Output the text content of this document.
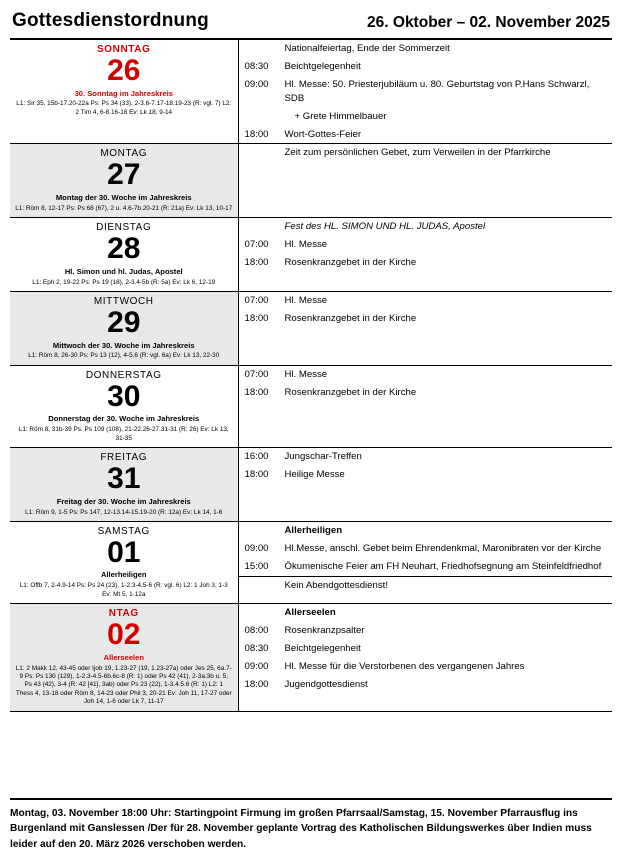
Gottesdienstordnung	26. Oktober – 02. November 2025
SONNTAG
26
30. Sonntag im Jahreskreis
L1: Sir 35, 15b-17.20-22a Ps: Ps 34 (33), 2-3.6-7.17-18.19-23 (R: vgl. 7) L2: 2 Tim 4, 6-8.16-18 Ev: Lk 18, 9-14

Nationalfeiertag, Ende der Sommerzeit
08:30	Beichtgelegenheit
09:00	Hl. Messe: 50. Priesterjubiläum u. 80. Geburtstag von P.Hans Schwarzl, SDB
+ Grete Himmelbauer
18:00	Wort-Gottes-Feier

MONTAG
27
Montag der 30. Woche im Jahreskreis
L1: Röm 8, 12-17 Ps: Ps 68 (67), 2 u. 4.6-7b.20-21 (R: 21a) Ev: Lk 13, 10-17	Zeit zum persönlichen Gebet, zum Verweilen in der Pfarrkirche

DIENSTAG
28
Hl. Simon und hl. Judas, Apostel
L1: Eph 2, 19-22 Ps: Ps 19 (18), 2-3.4-5b (R: 5a) Ev: Lk 6, 12-19

Fest des HL. SIMON UND HL. JUDAS, Apostel
07:00	Hl. Messe
18:00	Rosenkranzgebet in der Kirche

MITTWOCH
29
Mittwoch der 30. Woche im Jahreskreis
L1: Röm 8, 26-30 Ps: Ps 13 (12), 4-5.6 (R: vgl. 6a) Ev: Lk 13, 22-30

07:00	Hl. Messe
18:00	Rosenkranzgebet in der Kirche

DONNERSTAG
30
Donnerstag der 30. Woche im Jahreskreis
L1: Röm 8, 31b-39 Ps: Ps 109 (108), 21-22.26-27.31-31 (R: 26) Ev: Lk 13, 31-35

07:00	Hl. Messe
18:00	Rosenkranzgebet in der Kirche

FREITAG
31
Freitag der 30. Woche im Jahreskreis
L1: Röm 9, 1-5 Ps: Ps 147, 12-13.14-15.19-20 (R: 12a) Ev: Lk 14, 1-6

16:00	Jungschar-Treffen
18:00	Heilige Messe

SAMSTAG
01
Allerheiligen
L1: Offb 7, 2-4.9-14 Ps: Ps 24 (23), 1-2.3-4.5-6 (R: vgl. 6) L2: 1 Joh 3, 1-3 Ev: Mt 5, 1-12a

Allerheiligen
09:00	Hl.Messe, anschl. Gebet beim Ehrendenkmal, Maronibraten vor der Kirche
15:00	Ökumenische Feier am FH Neuhart, Friedhofsegnung am Steinfeldfriedhof
Kein Abendgottesdienst!

NTAG
02
Allerseelen
L1: 2 Makk 12, 43-45 oder Ijob 19, 1.23-27 (19, 1.23-27a) oder Jes 25, 6a.7-9 Ps: Ps 130 (129), 1-2.3-4.5-6b.6c-8 (R: 1) oder Ps 42 (41), 2-3a.3b u. 5; Ps 43 (42), 3-4 (R: 42 [41], 3ab) oder Ps 23 (22), 1-3.4.5.6 (R: 1) L2: 1 Thess 4, 13-18 oder Röm 8, 14-23 oder Phil 3, 20-21 Ev: Joh 11, 17-27 oder Joh 14, 1-6 oder Lk 7, 11-17

Allerseelen
08:00	Rosenkranzpsalter
08:30	Beichtgelegenheit
09:00	Hl. Messe für die Verstorbenen des vergangenen Jahres
18:00	Jugendgottesdienst
Montag, 03. November 18:00 Uhr: Startingpoint Firmung im großen Pfarrsaal/Samstag, 15. November Pfarrausflug ins Burgenland mit Ganslessen /Der für 28. November geplante Vortrag des Katholischen Bildungswerkes über Indien muss leider auf den 20. März 2026 verschoben werden.
